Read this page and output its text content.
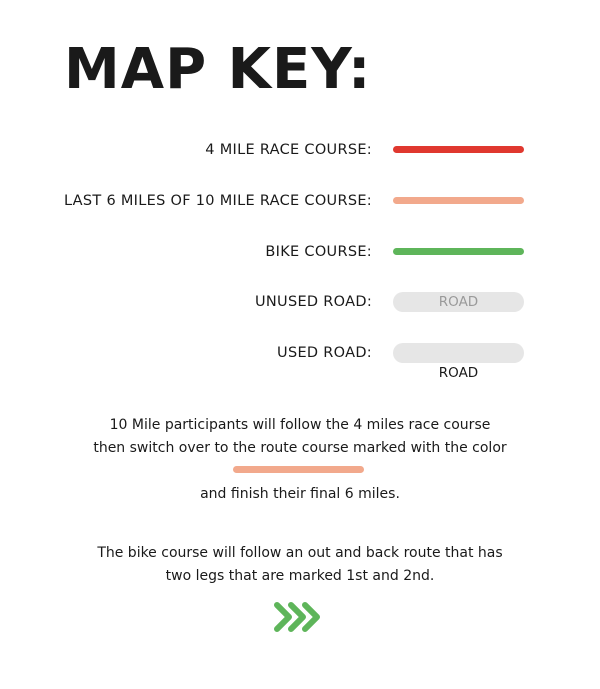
MAP KEY:
4 MILE RACE COURSE:
LAST 6 MILES OF 10 MILE RACE COURSE:
BIKE COURSE:
UNUSED ROAD:	ROAD
USED ROAD:
ROAD

10 Mile participants will follow the 4 miles race course

then switch over to the route course marked with the color

and finish their final 6 miles.

The bike course will follow an out and back route that has

two legs that are marked 1st and 2nd.
